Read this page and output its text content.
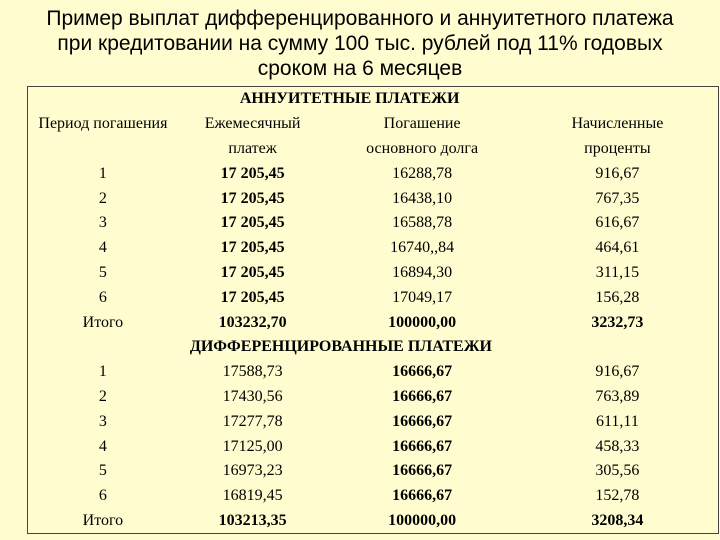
Пример выплат дифференцированного и аннуитетного платежа
при кредитовании на сумму 100 тыс. рублей под 11% годовых
сроком на 6 месяцев
	АННУИТЕТНЫЕ ПЛАТЕЖИ		
Период погашения	Ежемесячный	Погашение	Начисленные
	платеж	основного долга	проценты
1	17 205,45	16288,78	916,67
2	17 205,45	16438,10	767,35
3	17 205,45	16588,78	616,67
4	17 205,45	16740,,84	464,61
5	17 205,45	16894,30	311,15
6	17 205,45	17049,17	156,28
Итого	103232,70	100000,00	3232,73
	ДИФФЕРЕНЦИРОВАННЫЕ ПЛАТЕЖИ		
1	17588,73	16666,67	916,67
2	17430,56	16666,67	763,89
3	17277,78	16666,67	611,11
4	17125,00	16666,67	458,33
5	16973,23	16666,67	305,56
6	16819,45	16666,67	152,78
Итого	103213,35	100000,00	3208,34
